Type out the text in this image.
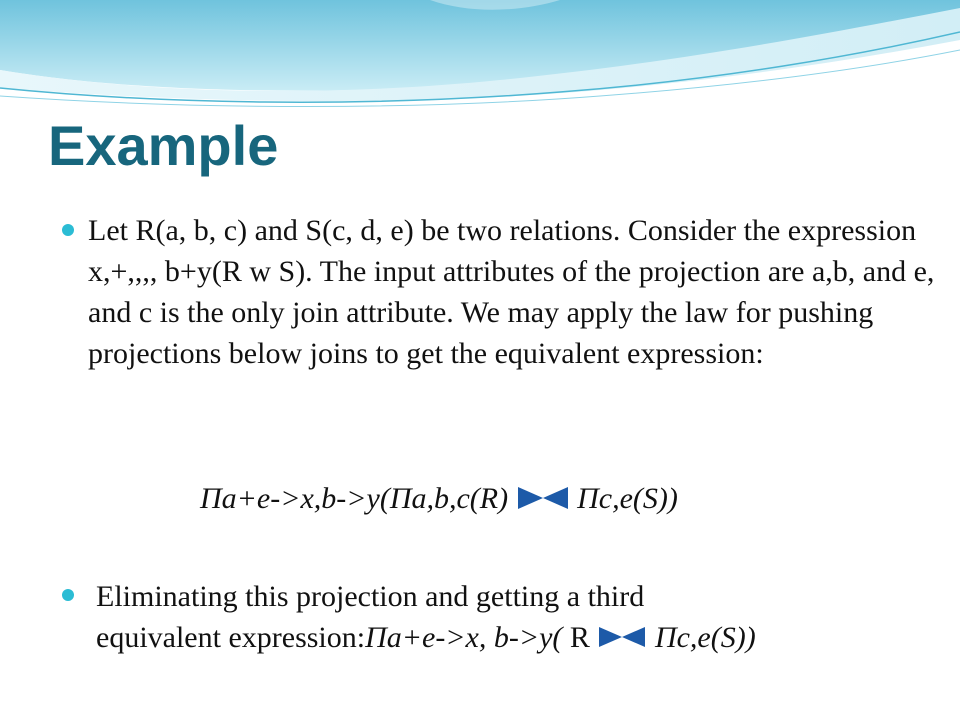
Example

Let R(a, b, c) and S(c, d, e) be two relations. Consider the expression x,+,,,, b+y(R w S). The input attributes of the projection are a,b, and e, and c is the only join attribute. We may apply the law for pushing projections below joins to get the equivalent expression:

Πa+e->x,b->y(Πa,b,c(R) Πc,e(S))
Eliminating this projection and getting a third
equivalent expression:Πa+e->x, b->y( R  Πc,e(S))
